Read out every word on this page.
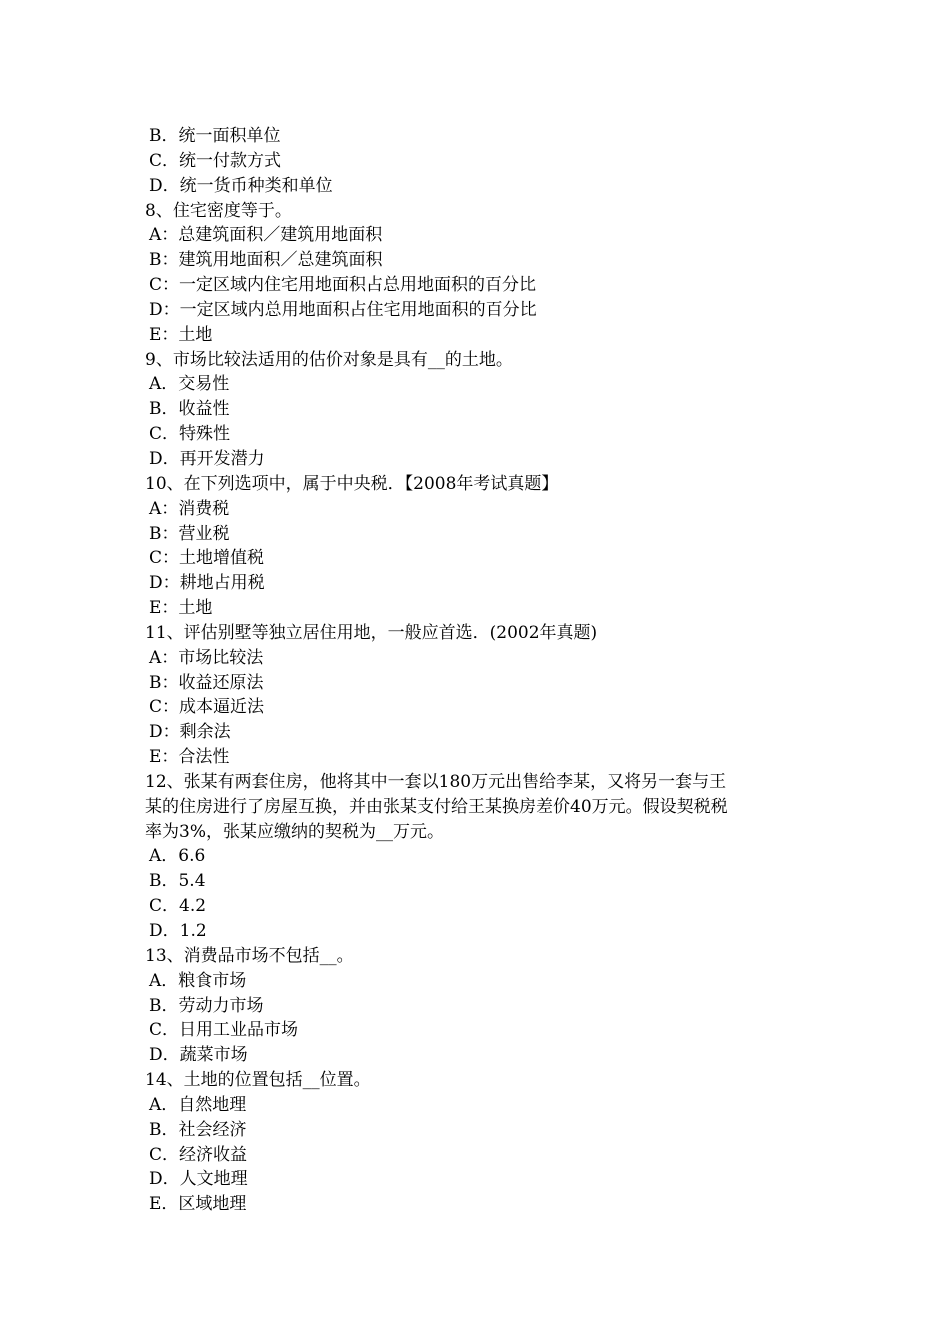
B．统一面积单位
C．统一付款方式
D．统一货币种类和单位
8、住宅密度等于。
A：总建筑面积／建筑用地面积
B：建筑用地面积／总建筑面积
C：一定区域内住宅用地面积占总用地面积的百分比
D：一定区域内总用地面积占住宅用地面积的百分比
E：土地
9、市场比较法适用的估价对象是具有__的土地。
A．交易性
B．收益性
C．特殊性
D．再开发潜力
10、在下列选项中，属于中央税．【2008年考试真题】
A：消费税
B：营业税
C：土地增值税
D：耕地占用税
E：土地
11、评估别墅等独立居住用地，一般应首选．(2002年真题)
A：市场比较法
B：收益还原法
C：成本逼近法
D：剩余法
E：合法性
12、张某有两套住房，他将其中一套以180万元出售给李某，又将另一套与王
某的住房进行了房屋互换，并由张某支付给王某换房差价40万元。假设契税税
率为3%，张某应缴纳的契税为__万元。
A．6.6
B．5.4
C．4.2
D．1.2
13、消费品市场不包括__。
A．粮食市场
B．劳动力市场
C．日用工业品市场
D．蔬菜市场
14、土地的位置包括__位置。
A．自然地理
B．社会经济
C．经济收益
D．人文地理
E．区域地理
